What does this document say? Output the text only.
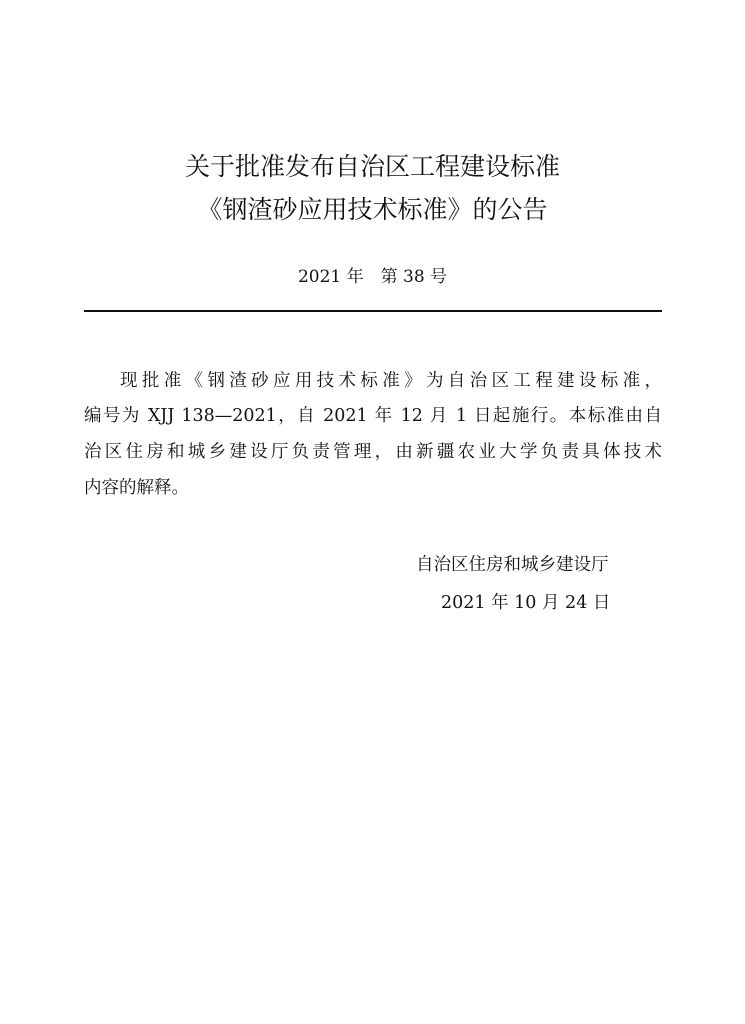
关于批准发布自治区工程建设标准
《钢渣砂应用技术标准》的公告
2021 年　第 38 号
现批准《钢渣砂应用技术标准》为自治区工程建设标准，
编号为 XJJ 138—2021，自 2021 年 12 月 1 日起施行。本标准由自
治区住房和城乡建设厅负责管理，由新疆农业大学负责具体技术
内容的解释。
自治区住房和城乡建设厅
2021 年 10 月 24 日
